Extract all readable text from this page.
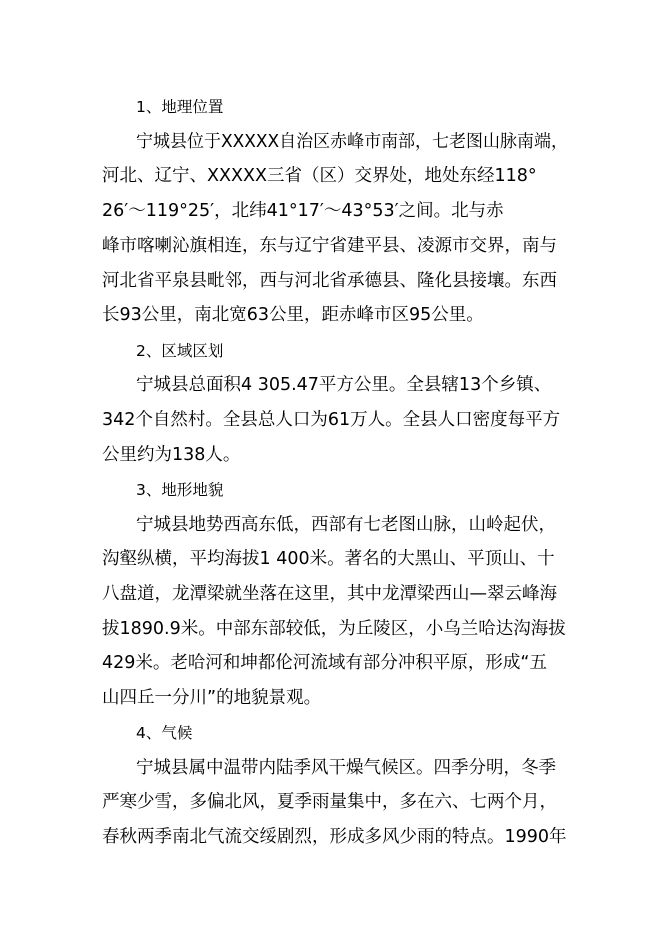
1、地理位置
宁城县位于XXXXX自治区赤峰市南部，七老图山脉南端，
河北、辽宁、XXXXX三省（区）交界处，地处东经118°
26′～119°25′，北纬41°17′～43°53′之间。北与赤
峰市喀喇沁旗相连，东与辽宁省建平县、凌源市交界，南与
河北省平泉县毗邻，西与河北省承德县、隆化县接壤。东西
长93公里，南北宽63公里，距赤峰市区95公里。
2、区域区划
宁城县总面积4 305.47平方公里。全县辖13个乡镇、
342个自然村。全县总人口为61万人。全县人口密度每平方
公里约为138人。
3、地形地貌
宁城县地势西高东低，西部有七老图山脉，山岭起伏，
沟壑纵横，平均海拔1 400米。著名的大黑山、平顶山、十
八盘道，龙潭梁就坐落在这里，其中龙潭梁西山—翠云峰海
拔1890.9米。中部东部较低，为丘陵区，小乌兰哈达沟海拔
429米。老哈河和坤都伦河流域有部分冲积平原，形成“五
山四丘一分川”的地貌景观。
4、气候
宁城县属中温带内陆季风干燥气候区。四季分明，冬季
严寒少雪，多偏北风，夏季雨量集中，多在六、七两个月，
春秋两季南北气流交绥剧烈，形成多风少雨的特点。1990年
